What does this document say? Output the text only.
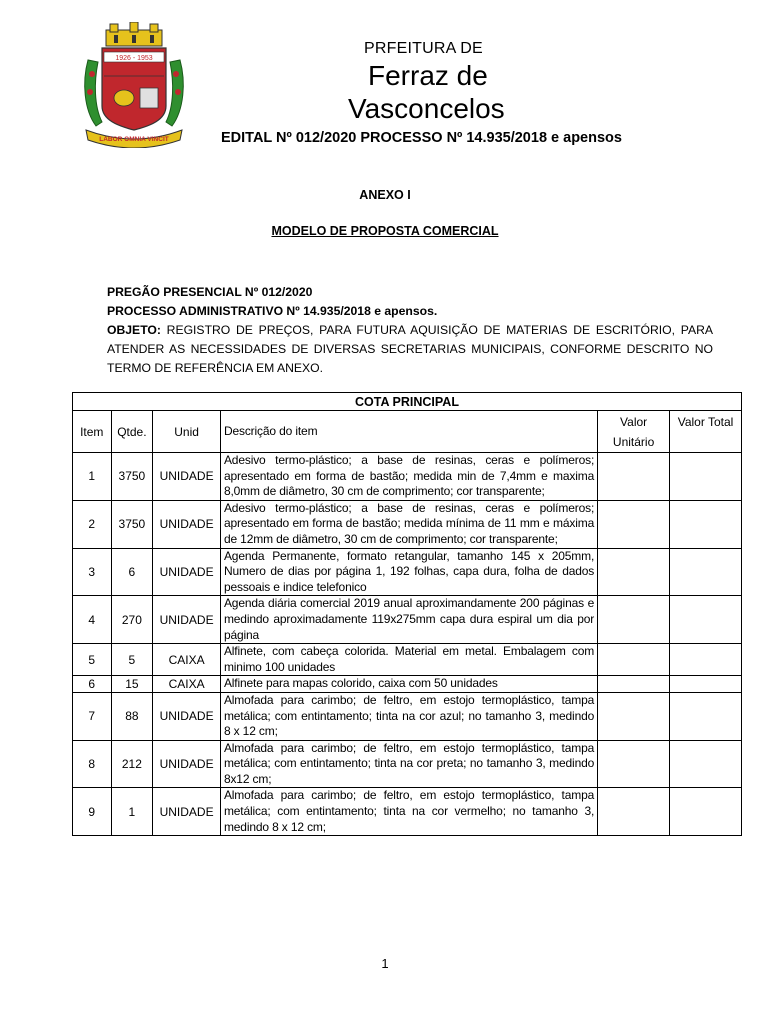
1926 - 1953
LABOR OMNIA VINCIT
PRFEITURA DE
Ferraz de
Vasconcelos
EDITAL Nº 012/2020 PROCESSO Nº 14.935/2018 e apensos
ANEXO I
MODELO DE PROPOSTA COMERCIAL
PREGÃO PRESENCIAL Nº 012/2020
PROCESSO ADMINISTRATIVO Nº 14.935/2018 e apensos.
OBJETO: REGISTRO DE PREÇOS, PARA FUTURA AQUISIÇÃO DE MATERIAS DE ESCRITÓRIO, PARA ATENDER AS NECESSIDADES DE DIVERSAS SECRETARIAS MUNICIPAIS, CONFORME DESCRITO NO TERMO DE REFERÊNCIA EM ANEXO.
COTA PRINCIPAL					
Item	Qtde.	Unid	Descrição do item	Valor Unitário	Valor Total
1	3750	UNIDADE	Adesivo termo-plástico; a base de resinas, ceras e polímeros; apresentado em forma de bastão; medida min de 7,4mm e maxima 8,0mm de diâmetro, 30 cm de comprimento; cor transparente;		
2	3750	UNIDADE	Adesivo termo-plástico; a base de resinas, ceras e polímeros; apresentado em forma de bastão; medida mínima de 11 mm e máxima de 12mm de diâmetro, 30 cm de comprimento; cor transparente;		
3	6	UNIDADE	Agenda Permanente, formato retangular, tamanho 145 x 205mm, Numero de dias por página 1, 192 folhas, capa dura, folha de dados pessoais e indice telefonico		
4	270	UNIDADE	Agenda diária comercial 2019 anual aproximandamente 200 páginas e medindo aproximadamente 119x275mm capa dura espiral um dia por página		
5	5	CAIXA	Alfinete, com cabeça colorida. Material em metal. Embalagem com minimo 100 unidades		
6	15	CAIXA	Alfinete para mapas colorido, caixa com 50 unidades		
7	88	UNIDADE	Almofada para carimbo; de feltro, em estojo termoplástico, tampa metálica; com entintamento; tinta na cor azul; no tamanho 3, medindo 8 x 12 cm;		
8	212	UNIDADE	Almofada para carimbo; de feltro, em estojo termoplástico, tampa metálica; com entintamento; tinta na cor preta; no tamanho 3, medindo 8x12 cm;		
9	1	UNIDADE	Almofada para carimbo; de feltro, em estojo termoplástico, tampa metálica; com entintamento; tinta na cor vermelho; no tamanho 3, medindo 8 x 12 cm;		
1
